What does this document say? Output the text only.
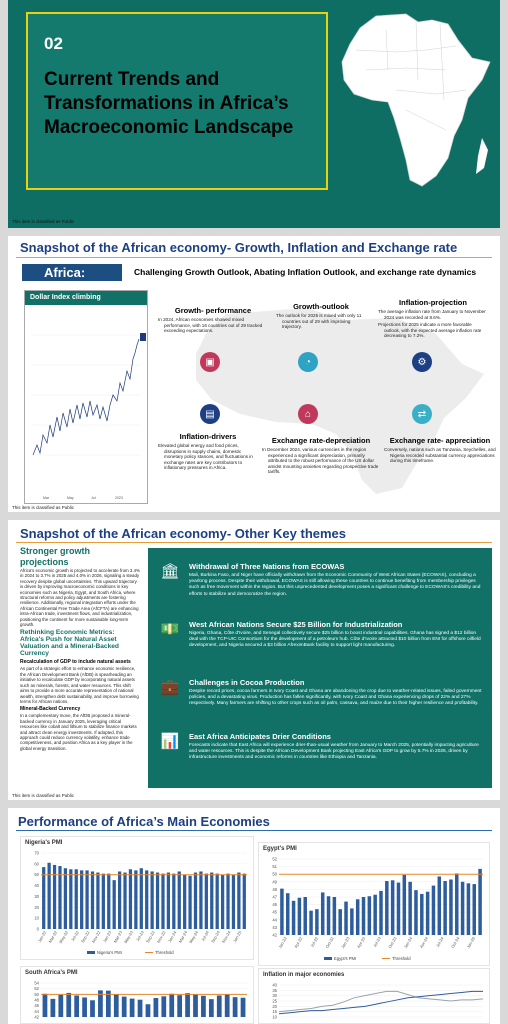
02
Current Trends and Transformations in Africa’s Macroeconomic Landscape
This item is classified as Public
Snapshot of the African economy- Growth, Inflation and Exchange rate
Africa:	Challenging Growth Outlook, Abating Inflation Outlook, and exchange rate dynamics
Dollar Index climbing
Mar	May	Jul	2023
▣	◔	⚙
▤	⌂	⇄
Growth- performance

In 2024, African economies showed mixed performance, with 16 countries out of 29 tracked exceeding expectations.

Growth-outlook

The outlook for 2025 is mixed with only 11 countries out of 29 with improving trajectory.

Inflation-projection

The average inflation rate from January to November 2024 was recorded at 8.6%.

Projections for 2025 indicate a more favorable outlook, with the expected average inflation rate decreasing to 7.2%.

Inflation-drivers

Elevated global energy and food prices, disruptions in supply chains, domestic monetary policy stances, and fluctuations in exchange rates are key contributors to inflationary pressures in Africa.

Exchange rate-depreciation

In December 2024, various currencies in the region experienced a significant depreciation, primarily attributed to the robust performance of the US dollar amidst mounting anxieties regarding prospective trade tariffs.

Exchange rate- appreciation

Conversely, nations such as Tanzania, Seychelles, and Nigeria recorded substantial currency appreciations during this timeframe.

This item is classified as Public
Snapshot of the African economy- Other Key themes
Stronger growth projections
Africa's economic growth is projected to accelerate from 3.4% in 2024 to 3.7% in 2025 and 4.0% in 2026, signaling a steady recovery despite global uncertainties. This upward trajectory is driven by improving macroeconomic conditions in key economies such as Nigeria, Egypt, and South Africa, where structural reforms and policy adjustments are fostering resilience. Additionally, regional integration efforts under the African Continental Free Trade Area (AfCFTA) are enhancing intra-African trade, investment flows, and industrialization, positioning the continent for more sustainable long-term growth.
Rethinking Economic Metrics: Africa's Push for Natural Asset Valuation and a Mineral-Backed Currency
Recalculation of GDP to include natural assets
As part of a strategic effort to enhance economic resilience, the African Development Bank (AfDB) is spearheading an initiative to recalculate GDP by incorporating natural assets such as minerals, forests, and water resources. This shift aims to provide a more accurate representation of national wealth, strengthen debt sustainability, and improve borrowing terms for African nations.
Mineral-Backed Currency
In a complementary move, the AfDB proposed a mineral-backed currency in January 2025, leveraging critical resources like cobalt and lithium to stabilize finance markets and attract clean energy investments. If adopted, this approach could reduce currency volatility, enhance trade competitiveness, and position Africa as a key player in the global energy transition.
🏛 Withdrawal of Three Nations from ECOWAS
Mali, Burkina Faso, and Niger have officially withdrawn from the Economic Community of West African States (ECOWAS), concluding a yearlong process. Despite their withdrawal, ECOWAS is still allowing these countries to continue benefiting from membership privileges such as free movement within the region. But this unprecedented development poses a significant challenge to ECOWAS's credibility and efforts to stabilize and democratize the region.
💵 West African Nations Secure $25 Billion for Industrialization
Nigeria, Ghana, Côte d'Ivoire, and Senegal collectively secure $25 billion to boost industrial capabilities. Ghana has signed a $12 billion deal with the TCP-UIC Consortium for the development of a petroleum hub. Côte d'Ivoire attracted $10 billion from ENI for offshore oilfield development, and Nigeria secured a $3 billion AfreximBank facility to support light manufacturing.
💼 Challenges in Cocoa Production
Despite record prices, cocoa farmers in Ivory Coast and Ghana are abandoning the crop due to weather-related issues, failed government policies, and a devastating virus. Production has fallen significantly, with Ivory Coast and Ghana experiencing drops of 22% and 27% respectively. Many farmers are shifting to other crops such as oil palm, cassava, and maize due to their higher resilience and profitability.
📊 East Africa Anticipates Drier Conditions
Forecasts indicate that East Africa will experience drier-than-usual weather from January to March 2025, potentially impacting agriculture and water resources. This is despite the African Development Bank projecting East Africa's GDP to grow by 5.7% in 2025, driven by infrastructure investments and economic reforms in countries like Ethiopia and Tanzania.
This item is classified as Public
Performance of Africa’s Main Economies
Nigeria's PMI
0
10
20
30
40
50
60
70
Jan-22 Mar-22 May-22 Jul-22 Sep-22 Nov-22 Jan-23 Mar-23 May-23 Jul-23 Sep-23 Nov-23 Jan-24 Mar-24 May-24 Jul-24 Sep-24 Nov-24 Jan-25
Nigeria's PMI	Threshold
Egypt's PMI
42
43
44
45
46
47
48
49
50
51
52
Jan-22 Apr-22 Jul-22 Oct-22 Jan-23 Apr-23 Jul-23 Oct-23 Jan-24 Apr-24 Jul-24 Oct-24 Jan-25
Egypt's PMI	Threshold
South Africa's PMI
42
44
46
48
50
52
54
Inflation in major economies
10
15
20
25
30
35
40
